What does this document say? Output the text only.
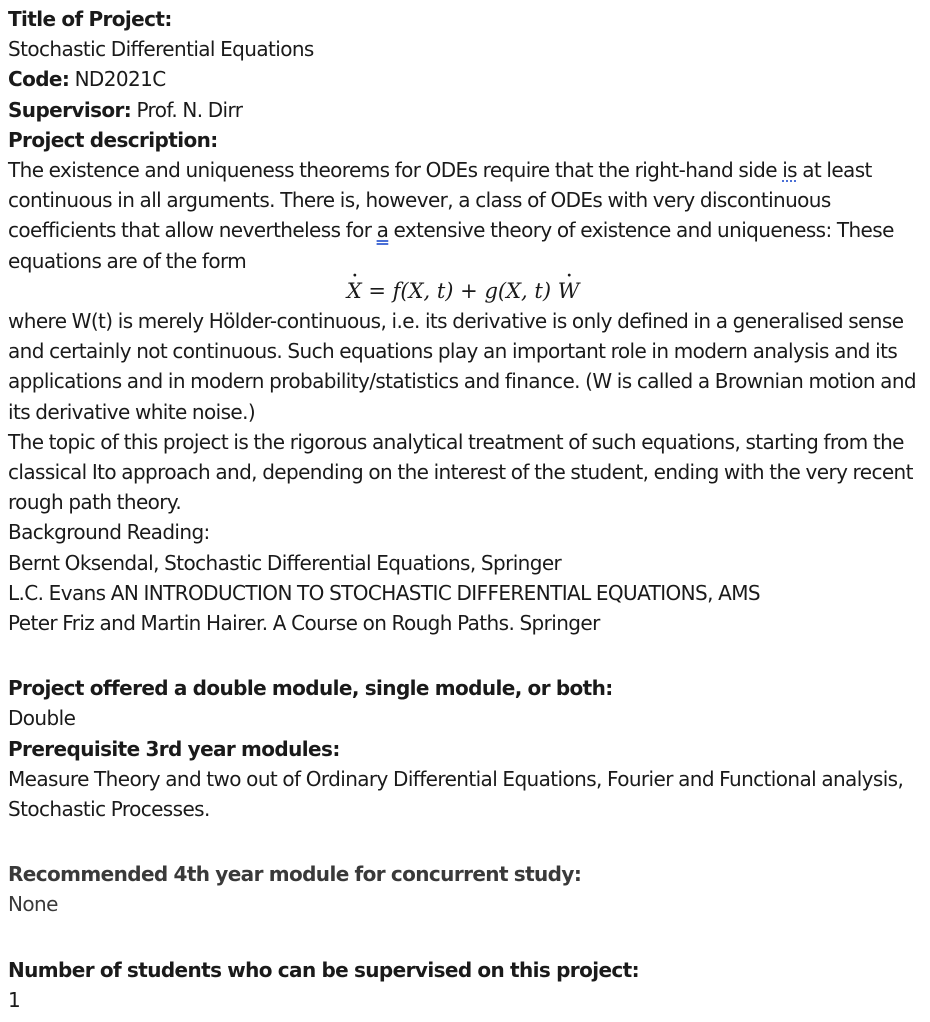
Title of Project:
Stochastic Differential Equations
Code: ND2021C
Supervisor: Prof. N. Dirr
Project description:
The existence and uniqueness theorems for ODEs require that the right-hand side is at least continuous in all arguments. There is, however, a class of ODEs with very discontinuous coefficients that allow nevertheless for a extensive theory of existence and uniqueness: These equations are of the form
· X = f(X, t) + g(X, t) · W
where W(t) is merely Hölder-continuous, i.e. its derivative is only defined in a generalised sense and certainly not continuous. Such equations play an important role in modern analysis and its applications and in modern probability/statistics and finance. (W is called a Brownian motion and its derivative white noise.)
The topic of this project is the rigorous analytical treatment of such equations, starting from the classical Ito approach and, depending on the interest of the student, ending with the very recent rough path theory.
Background Reading:
Bernt Oksendal, Stochastic Differential Equations, Springer
L.C. Evans AN INTRODUCTION TO STOCHASTIC DIFFERENTIAL EQUATIONS, AMS
Peter Friz and Martin Hairer. A Course on Rough Paths. Springer
Project offered a double module, single module, or both:
Double
Prerequisite 3rd year modules:
Measure Theory and two out of Ordinary Differential Equations, Fourier and Functional analysis, Stochastic Processes.
Recommended 4th year module for concurrent study:
None
Number of students who can be supervised on this project:
1
